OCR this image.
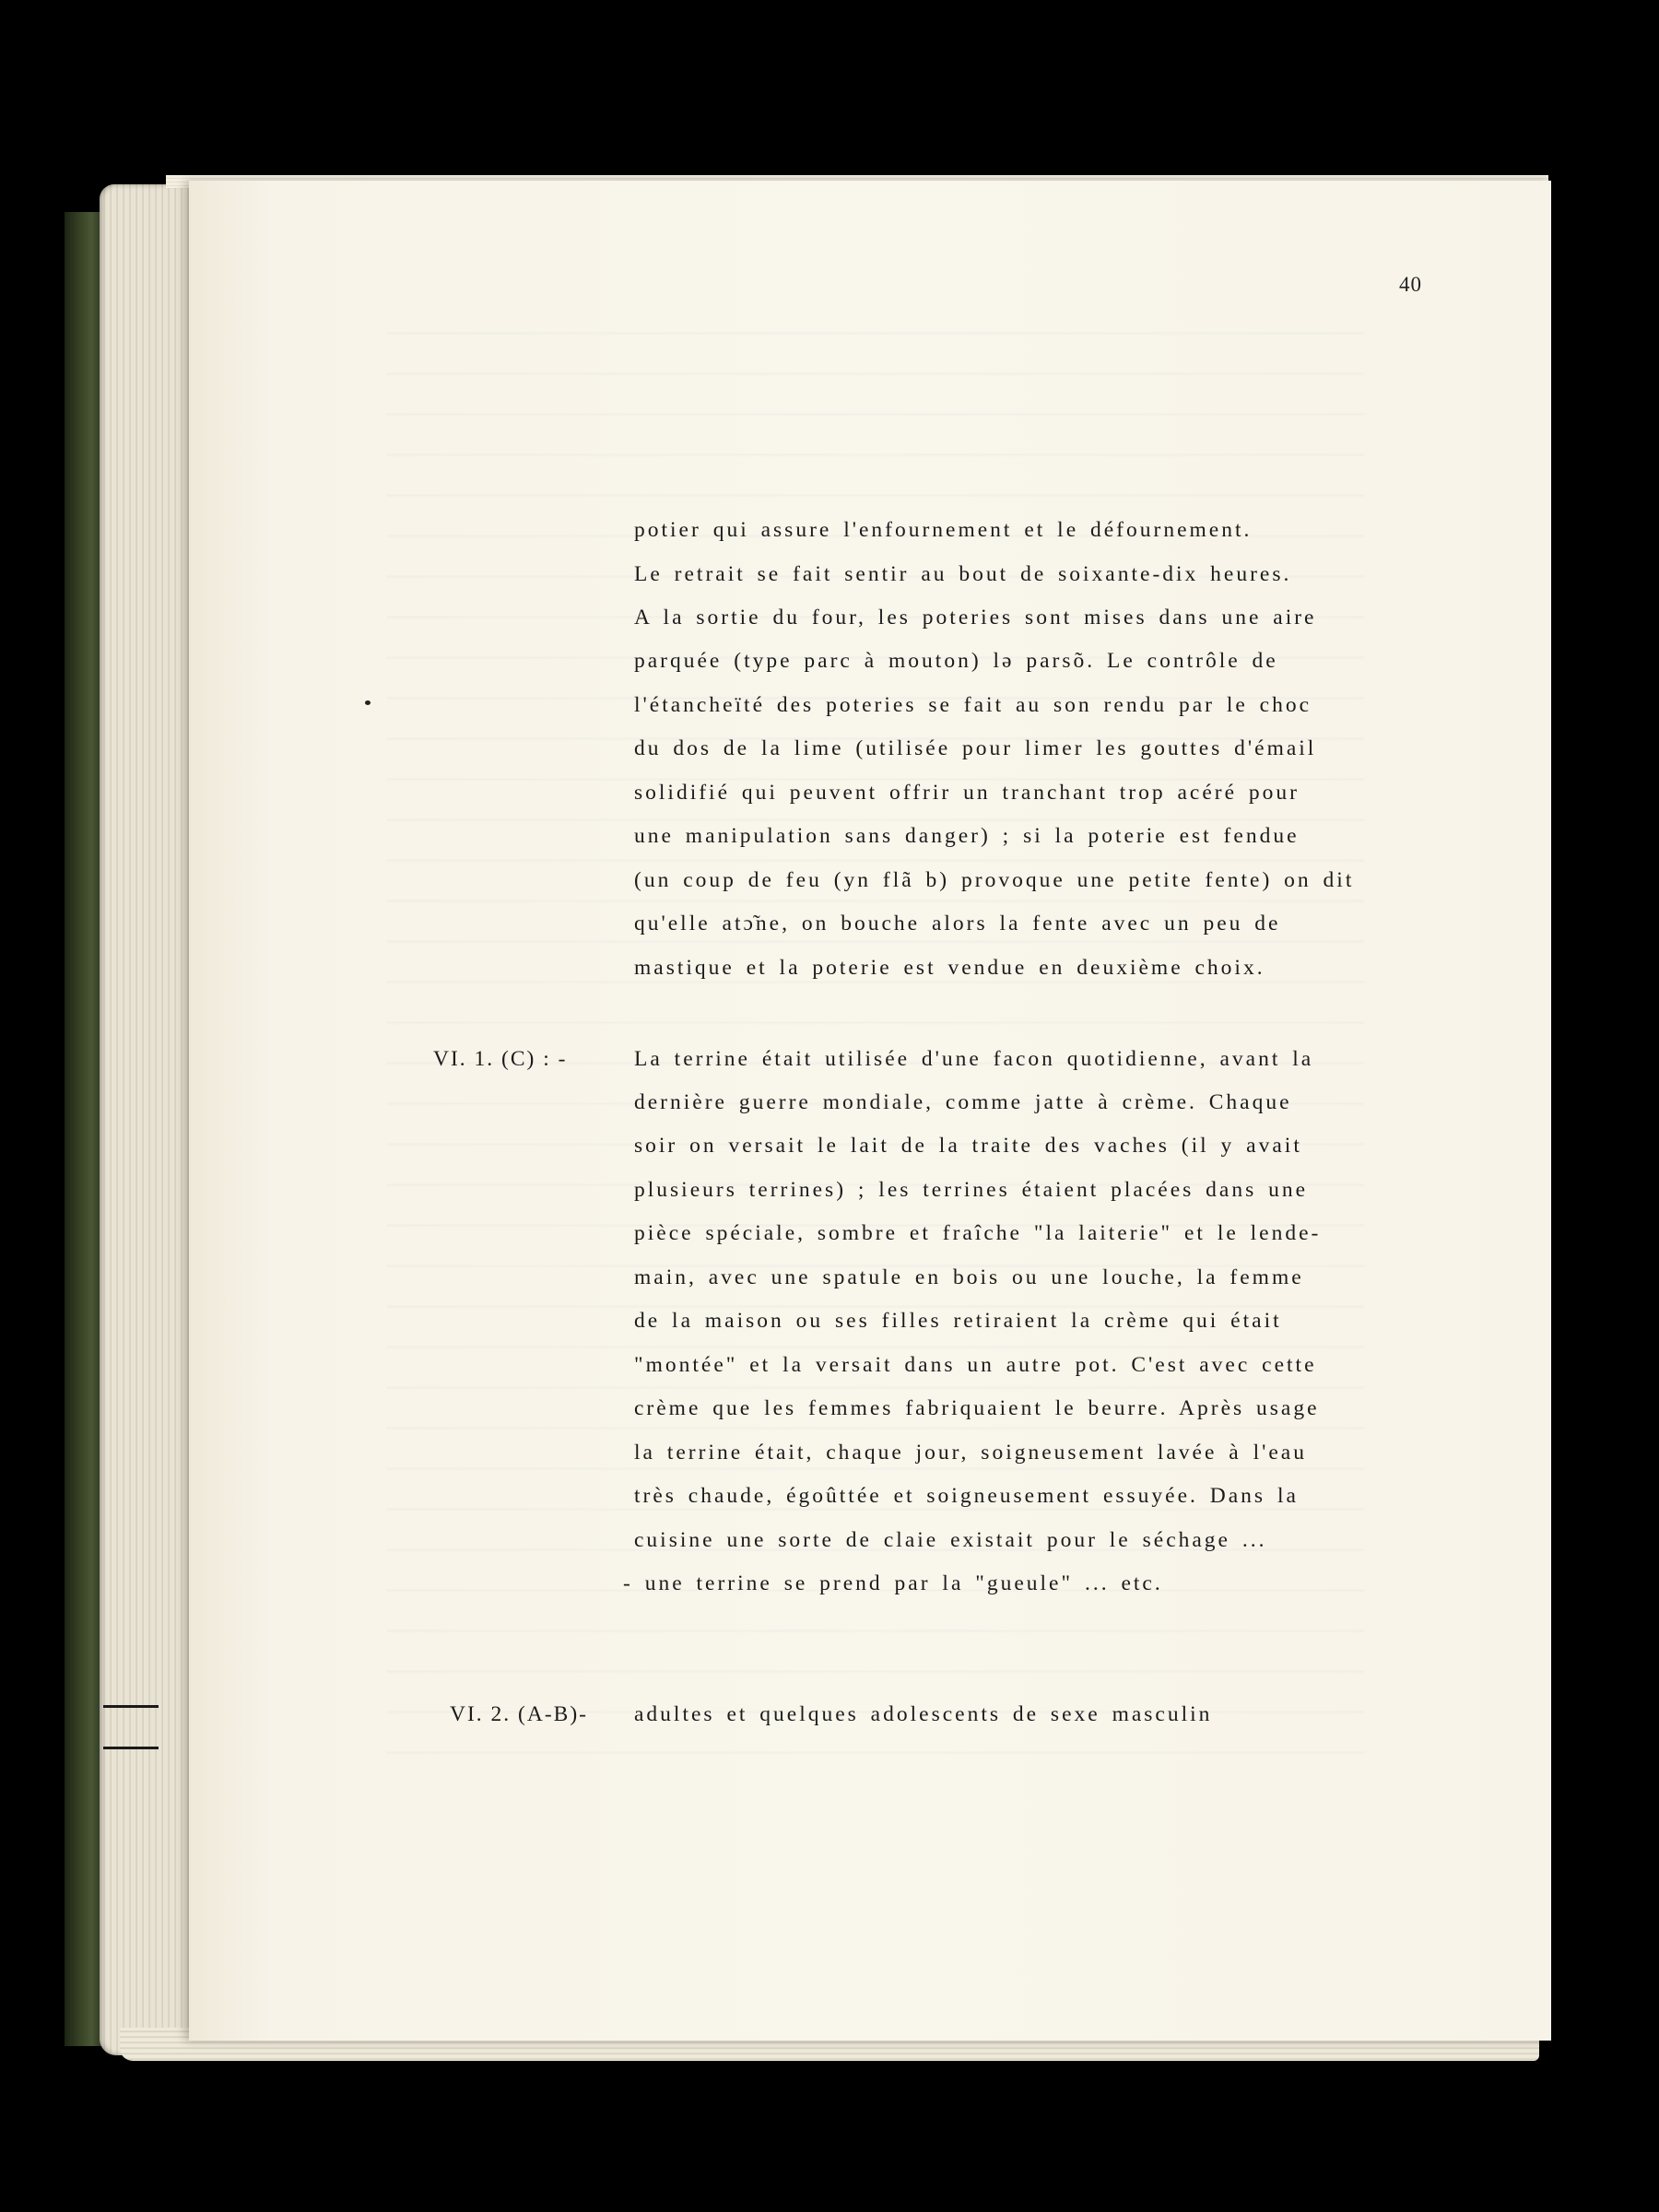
40
potier qui assure l'enfournement et le défournement.
Le retrait se fait sentir au bout de soixante-dix heures.
A la sortie du four, les poteries sont mises dans une aire
parquée (type parc à mouton) lə parsõ. Le contrôle de
l'étancheïté des poteries se fait au son rendu par le choc
du dos de la lime (utilisée pour limer les gouttes d'émail
solidifié qui peuvent offrir un tranchant trop acéré pour
une manipulation sans danger) ; si la poterie est fendue
(un coup de feu (yn flã b) provoque une petite fente) on dit
qu'elle atɔ̃ne, on bouche alors la fente avec un peu de
mastique et la poterie est vendue en deuxième choix.
VI. 1. (C) : -	La terrine était utilisée d'une facon quotidienne, avant la
dernière guerre mondiale, comme jatte à crème. Chaque
soir on versait le lait de la traite des vaches (il y avait
plusieurs terrines) ; les terrines étaient placées dans une
pièce spéciale, sombre et fraîche "la laiterie" et le lende-
main, avec une spatule en bois ou une louche, la femme
de la maison ou ses filles retiraient la crème qui était
"montée" et la versait dans un autre pot. C'est avec cette
crème que les femmes fabriquaient le beurre. Après usage
la terrine était, chaque jour, soigneusement lavée à l'eau
très chaude, égoûttée et soigneusement essuyée. Dans la
cuisine une sorte de claie existait pour le séchage ...
- une terrine se prend par la "gueule" ... etc.
VI. 2. (A-B)- adultes et quelques adolescents de sexe masculin
